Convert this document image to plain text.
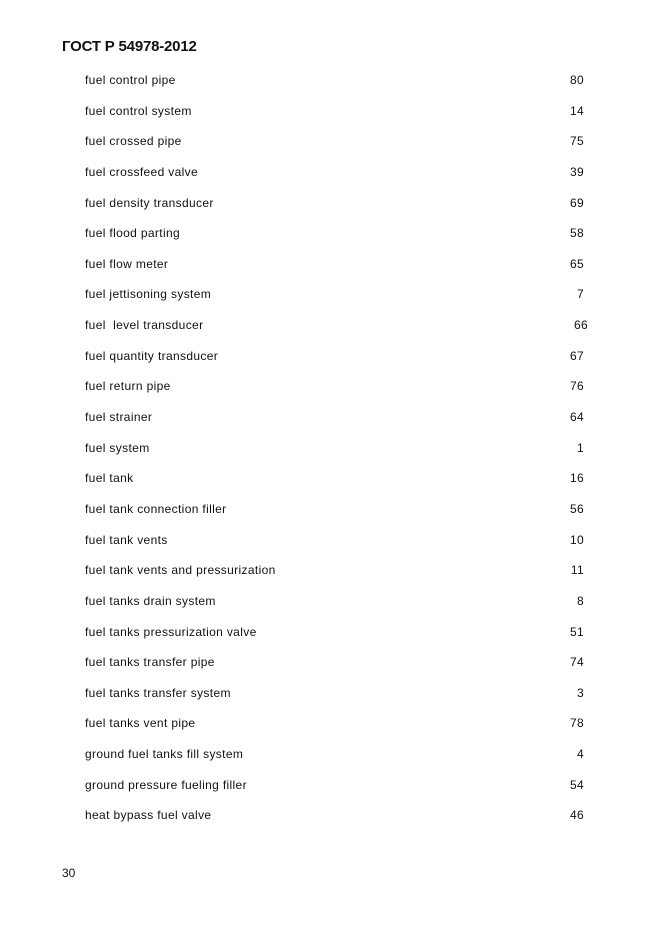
ГОСТ Р 54978-2012
fuel control pipe	80
fuel control system	14
fuel crossed pipe	75
fuel crossfeed valve	39
fuel density transducer	69
fuel flood parting	58
fuel flow meter	65
fuel jettisoning system	7
fuel  level transducer	66
fuel quantity transducer	67
fuel return pipe	76
fuel strainer	64
fuel system	1
fuel tank	16
fuel tank connection filler	56
fuel tank vents	10
fuel tank vents and pressurization	11
fuel tanks drain system	8
fuel tanks pressurization valve	51
fuel tanks transfer pipe	74
fuel tanks transfer system	3
fuel tanks vent pipe	78
ground fuel tanks fill system	4
ground pressure fueling filler	54
heat bypass fuel valve	46
30
